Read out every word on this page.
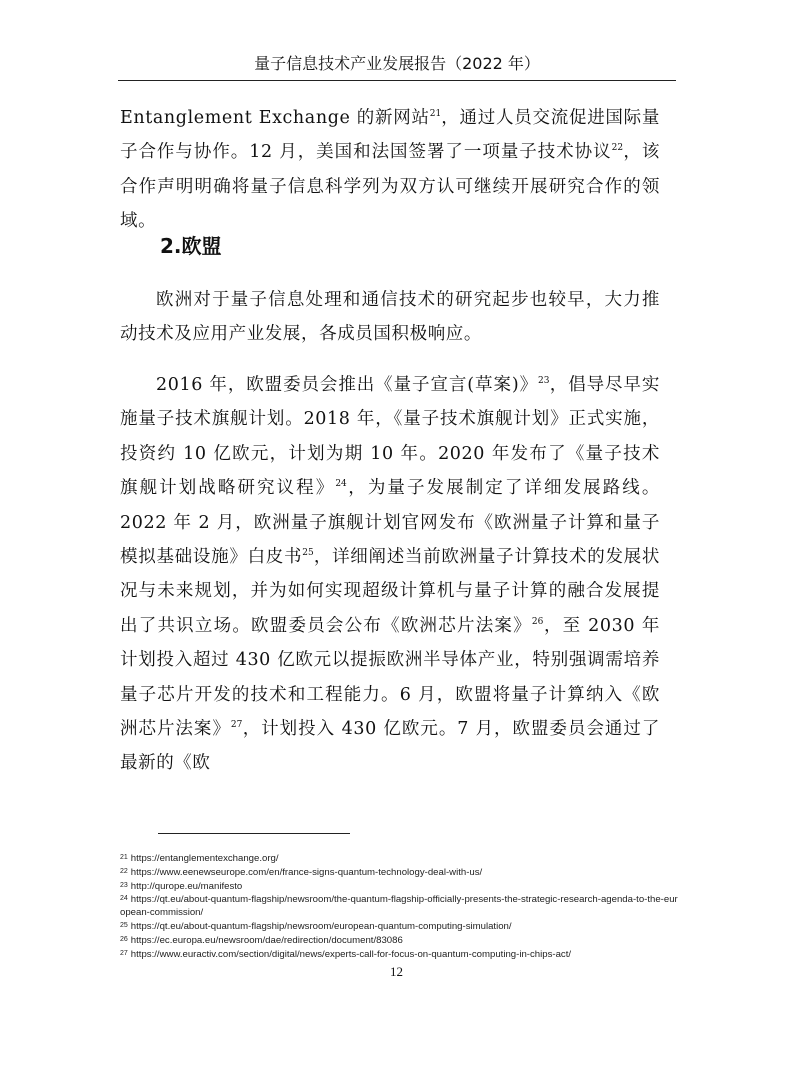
量子信息技术产业发展报告（2022 年）

Entanglement Exchange 的新网站$^{21}$，通过人员交流促进国际量子合作与协作。12 月，美国和法国签署了一项量子技术协议$^{22}$，该合作声明明确将量子信息科学列为双方认可继续开展研究合作的领域。

2.欧盟

欧洲对于量子信息处理和通信技术的研究起步也较早，大力推动技术及应用产业发展，各成员国积极响应。

2016 年，欧盟委员会推出《量子宣言(草案)》$^{23}$，倡导尽早实施量子技术旗舰计划。2018 年，《量子技术旗舰计划》正式实施，投资约 10 亿欧元，计划为期 10 年。2020 年发布了《量子技术旗舰计划战略研究议程》$^{24}$，为量子发展制定了详细发展路线。2022 年 2 月，欧洲量子旗舰计划官网发布《欧洲量子计算和量子模拟基础设施》白皮书$^{25}$，详细阐述当前欧洲量子计算技术的发展状况与未来规划，并为如何实现超级计算机与量子计算的融合发展提出了共识立场。欧盟委员会公布《欧洲芯片法案》$^{26}$，至 2030 年计划投入超过 430 亿欧元以提振欧洲半导体产业，特别强调需培养量子芯片开发的技术和工程能力。6 月，欧盟将量子计算纳入《欧洲芯片法案》$^{27}$，计划投入 430 亿欧元。7 月，欧盟委员会通过了最新的《欧

$^{21}$ https://entanglementexchange.org/

$^{22}$ https://www.eenewseurope.com/en/france-signs-quantum-technology-deal-with-us/

$^{23}$ http://qurope.eu/manifesto

$^{24}$ https://qt.eu/about-quantum-flagship/newsroom/the-quantum-flagship-officially-presents-the-strategic-research-agenda-to-the-european-commission/

$^{25}$ https://qt.eu/about-quantum-flagship/newsroom/european-quantum-computing-simulation/

$^{26}$ https://ec.europa.eu/newsroom/dae/redirection/document/83086

$^{27}$ https://www.euractiv.com/section/digital/news/experts-call-for-focus-on-quantum-computing-in-chips-act/

12
